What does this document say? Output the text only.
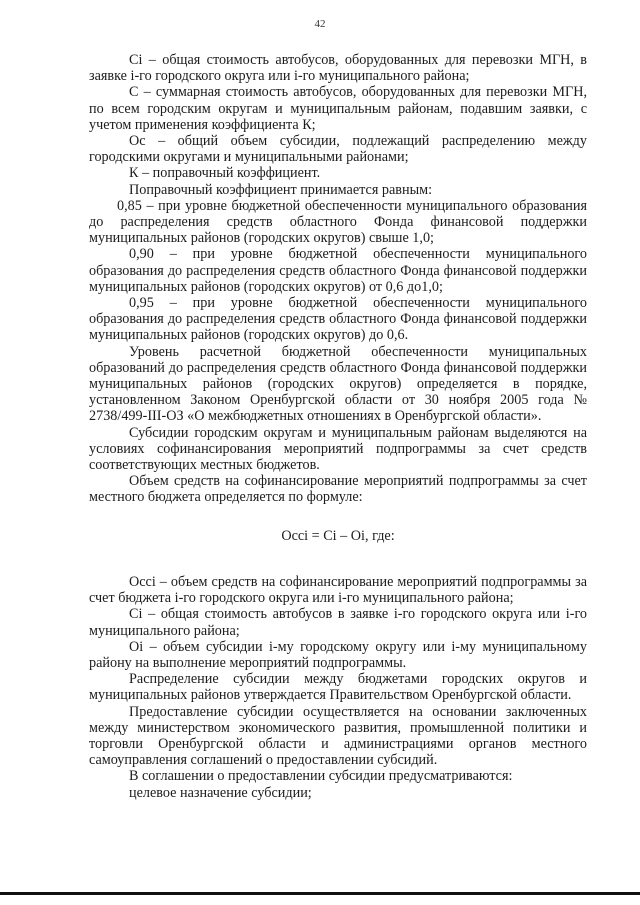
42

Ci – общая стоимость автобусов, оборудованных для перевозки МГН, в заявке i-го городского округа или i-го муниципального района;

С – суммарная стоимость автобусов, оборудованных для перевозки МГН, по всем городским округам и муниципальным районам, подавшим заявки, с учетом применения коэффициента К;

Ос – общий объем субсидии, подлежащий распределению между городскими округами и муниципальными районами;

К – поправочный коэффициент.

Поправочный коэффициент принимается равным:

0,85 – при уровне бюджетной обеспеченности муниципального образования до распределения средств областного Фонда финансовой поддержки муниципальных районов (городских округов) свыше 1,0;

0,90 – при уровне бюджетной обеспеченности муниципального образования до распределения средств областного Фонда финансовой поддержки муниципальных районов (городских округов) от 0,6 до1,0;

0,95 – при уровне бюджетной обеспеченности муниципального образования до распределения средств областного Фонда финансовой поддержки муниципальных районов (городских округов) до 0,6.

Уровень расчетной бюджетной обеспеченности муниципальных образований до распределения средств областного Фонда финансовой поддержки муниципальных районов (городских округов) определяется в порядке, установленном Законом Оренбургской области от 30 ноября 2005 года № 2738/499-III-ОЗ «О межбюджетных отношениях в Оренбургской области».

Субсидии городским округам и муниципальным районам выделяются на условиях софинансирования мероприятий подпрограммы за счет средств соответствующих местных бюджетов.

Объем средств на софинансирование мероприятий подпрограммы за счет местного бюджета определяется по формуле:

Осci = Ci – Оi, где:

Осci – объем средств на софинансирование мероприятий подпрограммы за счет бюджета i-го городского округа или i-го муниципального района;

Ci – общая стоимость автобусов в заявке i-го городского округа или i-го муниципального района;

Оi – объем субсидии i-му городскому округу или i-му муниципальному району на выполнение мероприятий подпрограммы.

Распределение субсидии между бюджетами городских округов и муниципальных районов утверждается Правительством Оренбургской области.

Предоставление субсидии осуществляется на основании заключенных между министерством экономического развития, промышленной политики и торговли Оренбургской области и администрациями органов местного самоуправления соглашений о предоставлении субсидий.

В соглашении о предоставлении субсидии предусматриваются:

целевое назначение субсидии;
